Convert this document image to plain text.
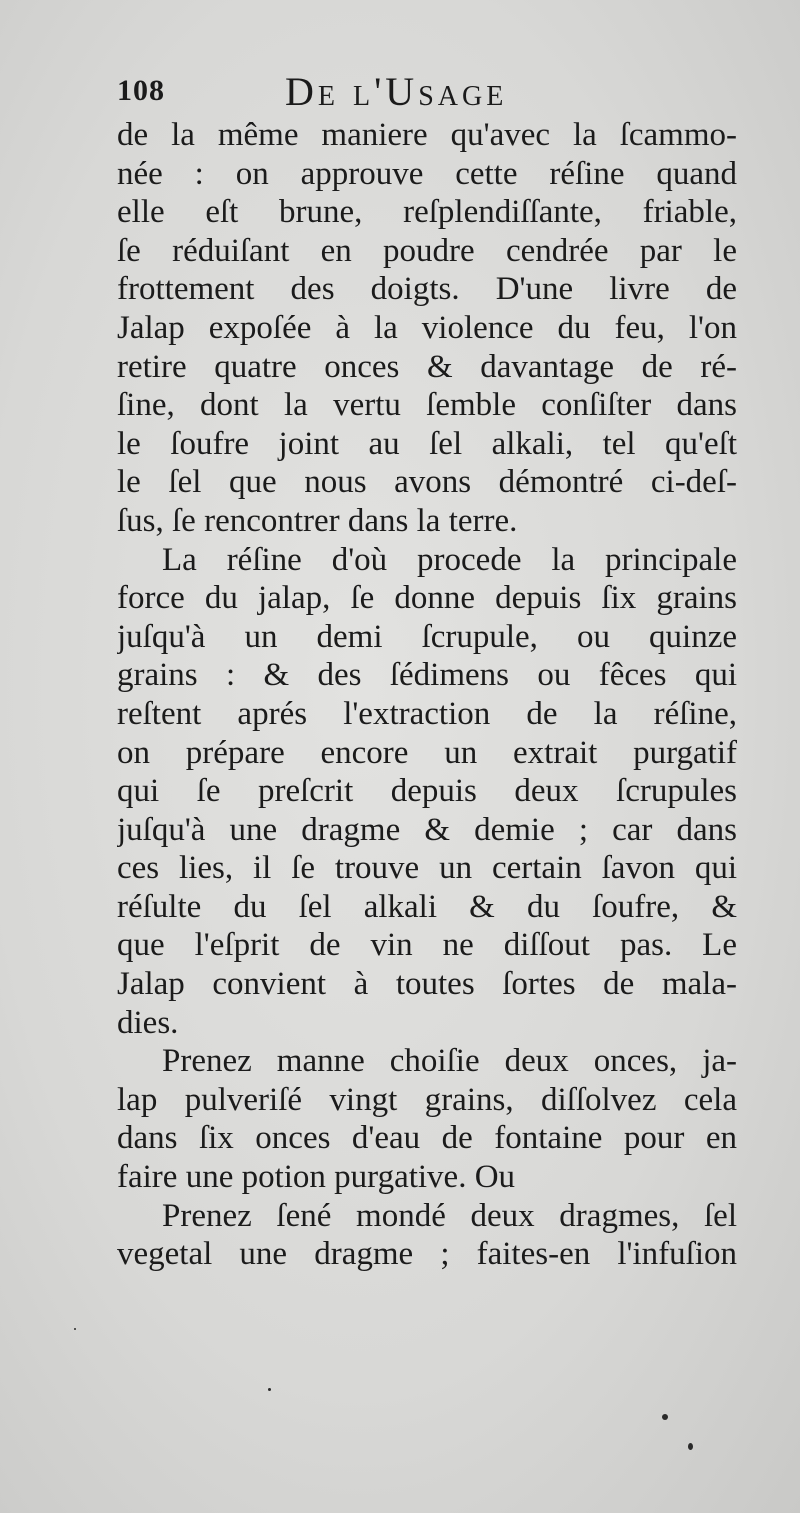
108	De l'Usage
de la même maniere qu'avec la ſcammo-
née : on approuve cette réſine quand
elle eſt brune, reſplendiſſante, friable,
ſe réduiſant en poudre cendrée par le
frottement des doigts. D'une livre de
Jalap expoſée à la violence du feu, l'on
retire quatre onces & davantage de ré-
ſine, dont la vertu ſemble conſiſter dans
le ſoufre joint au ſel alkali, tel qu'eſt
le ſel que nous avons démontré ci-deſ-
ſus, ſe rencontrer dans la terre.
La réſine d'où procede la principale
force du jalap, ſe donne depuis ſix grains
juſqu'à un demi ſcrupule, ou quinze
grains : & des ſédimens ou fêces qui
reſtent aprés l'extraction de la réſine,
on prépare encore un extrait purgatif
qui ſe preſcrit depuis deux ſcrupules
juſqu'à une dragme & demie ; car dans
ces lies, il ſe trouve un certain ſavon qui
réſulte du ſel alkali & du ſoufre, &
que l'eſprit de vin ne diſſout pas. Le
Jalap convient à toutes ſortes de mala-
dies.
Prenez manne choiſie deux onces, ja-
lap pulveriſé vingt grains, diſſolvez cela
dans ſix onces d'eau de fontaine pour en
faire une potion purgative. Ou
Prenez ſené mondé deux dragmes, ſel
vegetal une dragme ; faites-en l'infuſion
